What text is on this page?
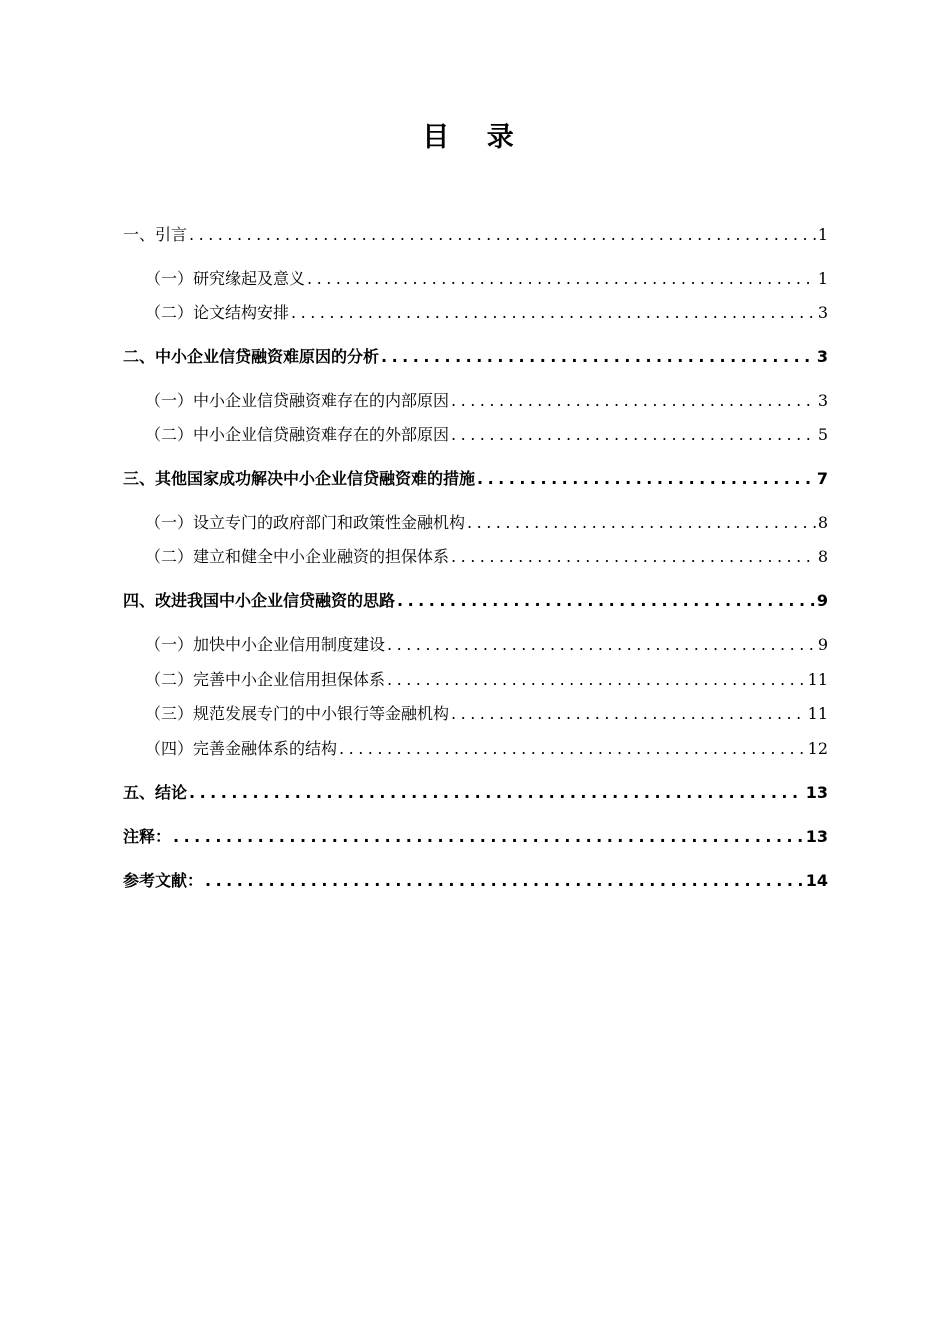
目 录
一、引言 .....	1
（一）研究缘起及意义 .....	1
（二）论文结构安排 .....	3
二、中小企业信贷融资难原因的分析 .....	3
（一）中小企业信贷融资难存在的内部原因 .....	3
（二）中小企业信贷融资难存在的外部原因 .....	5
三、其他国家成功解决中小企业信贷融资难的措施 .....	7
（一）设立专门的政府部门和政策性金融机构 .....	8
（二）建立和健全中小企业融资的担保体系 .....	8
四、改进我国中小企业信贷融资的思路 .....	9
（一）加快中小企业信用制度建设 .....	9
（二）完善中小企业信用担保体系 .....	11
（三）规范发展专门的中小银行等金融机构 .....	11
（四）完善金融体系的结构 .....	12
五、结论 .....	13
注释： .....	13
参考文献： .....	14
